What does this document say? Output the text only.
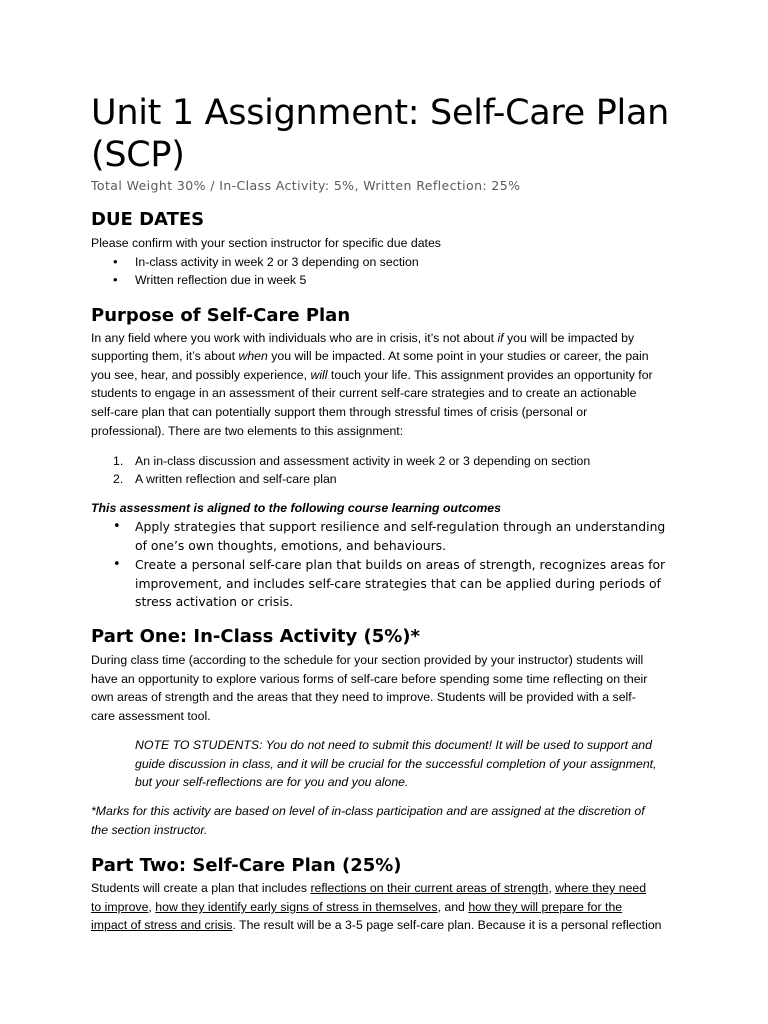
Unit 1 Assignment: Self-Care Plan
(SCP)
Total Weight 30% / In-Class Activity: 5%, Written Reflection: 25%
DUE DATES
Please confirm with your section instructor for specific due dates
• In-class activity in week 2 or 3 depending on section
• Written reflection due in week 5
Purpose of Self-Care Plan
In any field where you work with individuals who are in crisis, it’s not about if you will be impacted by
supporting them, it’s about when you will be impacted. At some point in your studies or career, the pain
you see, hear, and possibly experience, will touch your life. This assignment provides an opportunity for
students to engage in an assessment of their current self-care strategies and to create an actionable
self-care plan that can potentially support them through stressful times of crisis (personal or
professional). There are two elements to this assignment:
1. An in-class discussion and assessment activity in week 2 or 3 depending on section
2. A written reflection and self-care plan
This assessment is aligned to the following course learning outcomes
• Apply strategies that support resilience and self-regulation through an understanding of one’s own thoughts, emotions, and behaviours.
• Create a personal self-care plan that builds on areas of strength, recognizes areas for improvement, and includes self-care strategies that can be applied during periods of stress activation or crisis.
Part One: In-Class Activity (5%)*
During class time (according to the schedule for your section provided by your instructor) students will
have an opportunity to explore various forms of self-care before spending some time reflecting on their
own areas of strength and the areas that they need to improve. Students will be provided with a self-
care assessment tool.
NOTE TO STUDENTS: You do not need to submit this document! It will be used to support and
guide discussion in class, and it will be crucial for the successful completion of your assignment,
but your self-reflections are for you and you alone.
*Marks for this activity are based on level of in-class participation and are assigned at the discretion of
the section instructor.
Part Two: Self-Care Plan (25%)
Students will create a plan that includes reflections on their current areas of strength, where they need
to improve, how they identify early signs of stress in themselves, and how they will prepare for the
impact of stress and crisis. The result will be a 3-5 page self-care plan. Because it is a personal reflection
